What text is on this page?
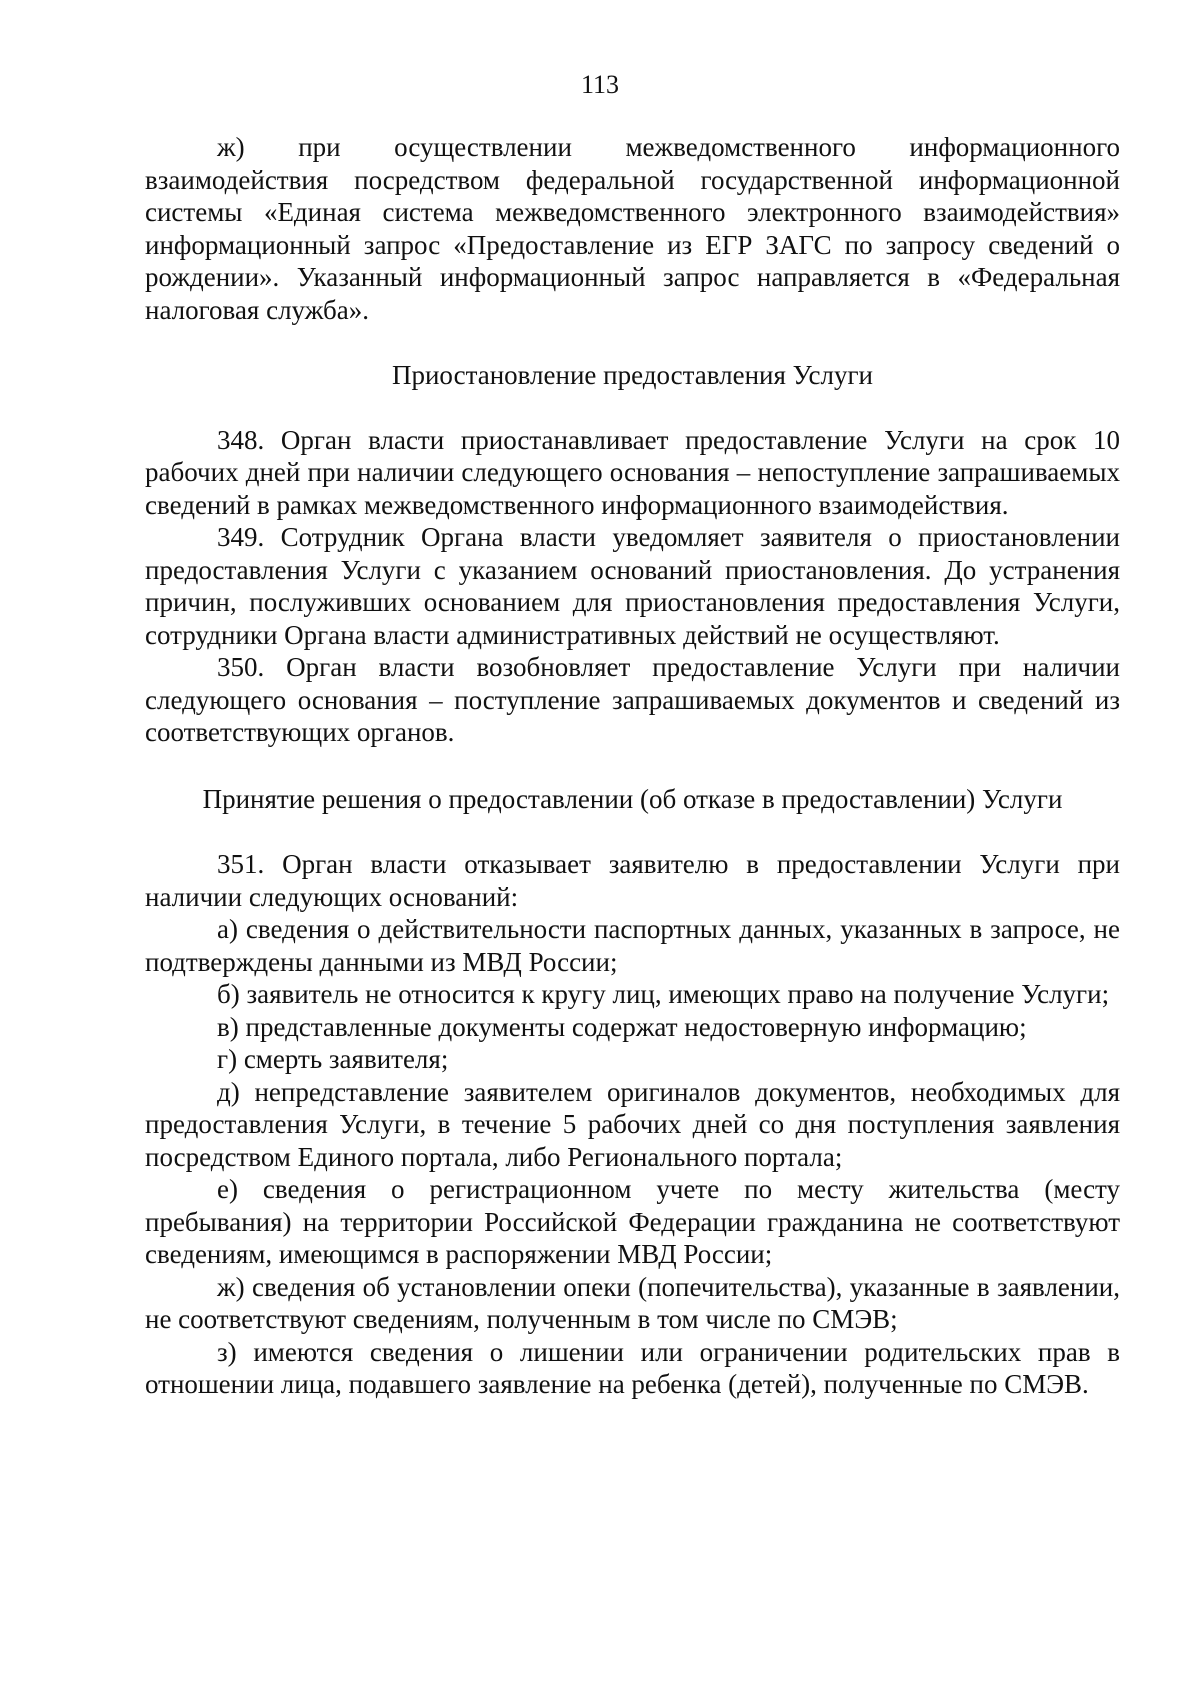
113

ж) при осуществлении межведомственного информационного взаимодействия посредством федеральной государственной информационной системы «Единая система межведомственного электронного взаимодействия» информационный запрос «Предоставление из ЕГР ЗАГС по запросу сведений о рождении». Указанный информационный запрос направляется в «Федеральная налоговая служба».

Приостановление предоставления Услуги

348. Орган власти приостанавливает предоставление Услуги на срок 10 рабочих дней при наличии следующего основания – непоступление запрашиваемых сведений в рамках межведомственного информационного взаимодействия.

349. Сотрудник Органа власти уведомляет заявителя о приостановлении предоставления Услуги с указанием оснований приостановления. До устранения причин, послуживших основанием для приостановления предоставления Услуги, сотрудники Органа власти административных действий не осуществляют.

350. Орган власти возобновляет предоставление Услуги при наличии следующего основания – поступление запрашиваемых документов и сведений из соответствующих органов.

Принятие решения о предоставлении (об отказе в предоставлении) Услуги

351. Орган власти отказывает заявителю в предоставлении Услуги при наличии следующих оснований:

а) сведения о действительности паспортных данных, указанных в запросе, не подтверждены данными из МВД России;

б) заявитель не относится к кругу лиц, имеющих право на получение Услуги;

в) представленные документы содержат недостоверную информацию;

г) смерть заявителя;

д) непредставление заявителем оригиналов документов, необходимых для предоставления Услуги, в течение 5 рабочих дней со дня поступления заявления посредством Единого портала, либо Регионального портала;

е) сведения о регистрационном учете по месту жительства (месту пребывания) на территории Российской Федерации гражданина не соответствуют сведениям, имеющимся в распоряжении МВД России;

ж) сведения об установлении опеки (попечительства), указанные в заявлении, не соответствуют сведениям, полученным в том числе по СМЭВ;

з) имеются сведения о лишении или ограничении родительских прав в отношении лица, подавшего заявление на ребенка (детей), полученные по СМЭВ.
